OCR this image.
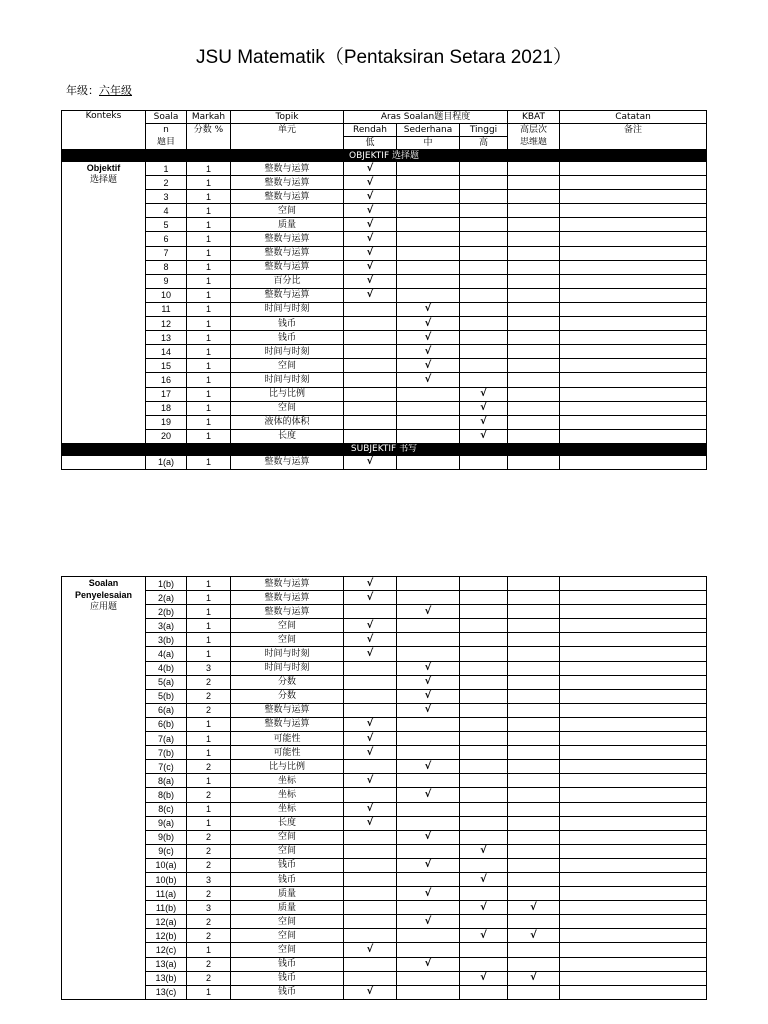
JSU Matematik（Pentaksiran Setara 2021）
年级：六年级
Konteks	Soala	Markah	Topik	Aras Soalan题目程度			KBAT	Catatan
	n	分数 %	单元	Rendah	Sederhana	Tinggi	高层次	备注
	题目			低	中	高	思维题	
OBJEKTIF 选择题								

Objektif
选择题	1	1	整数与运算	√				
	2	1	整数与运算	√				
	3	1	整数与运算	√				
	4	1	空间	√				
	5	1	质量	√				
	6	1	整数与运算	√				
	7	1	整数与运算	√				
	8	1	整数与运算	√				
	9	1	百分比	√				
	10	1	整数与运算	√				
	11	1	时间与时刻		√			
	12	1	钱币		√			
	13	1	钱币		√			
	14	1	时间与时刻		√			
	15	1	空间		√			
	16	1	时间与时刻		√			
	17	1	比与比例			√		
	18	1	空间			√		
	19	1	液体的体积			√		
	20	1	长度			√		
SUBJEKTIF 书写								
	1(a)	1	整数与运算	√				
Soalan
Penyelesaian
应用题	1(b)	1	整数与运算	√				
	2(a)	1	整数与运算	√				
	2(b)	1	整数与运算		√			
	3(a)	1	空间	√				
	3(b)	1	空间	√				
	4(a)	1	时间与时刻	√				
	4(b)	3	时间与时刻		√			
	5(a)	2	分数		√			
	5(b)	2	分数		√			
	6(a)	2	整数与运算		√			
	6(b)	1	整数与运算	√				
	7(a)	1	可能性	√				
	7(b)	1	可能性	√				
	7(c)	2	比与比例		√			
	8(a)	1	坐标	√				
	8(b)	2	坐标		√			
	8(c)	1	坐标	√				
	9(a)	1	长度	√				
	9(b)	2	空间		√			
	9(c)	2	空间			√		
	10(a)	2	钱币		√			
	10(b)	3	钱币			√		
	11(a)	2	质量		√			
	11(b)	3	质量			√	√	
	12(a)	2	空间		√			
	12(b)	2	空间			√	√	
	12(c)	1	空间	√				
	13(a)	2	钱币		√			
	13(b)	2	钱币			√	√	
	13(c)	1	钱币	√				
